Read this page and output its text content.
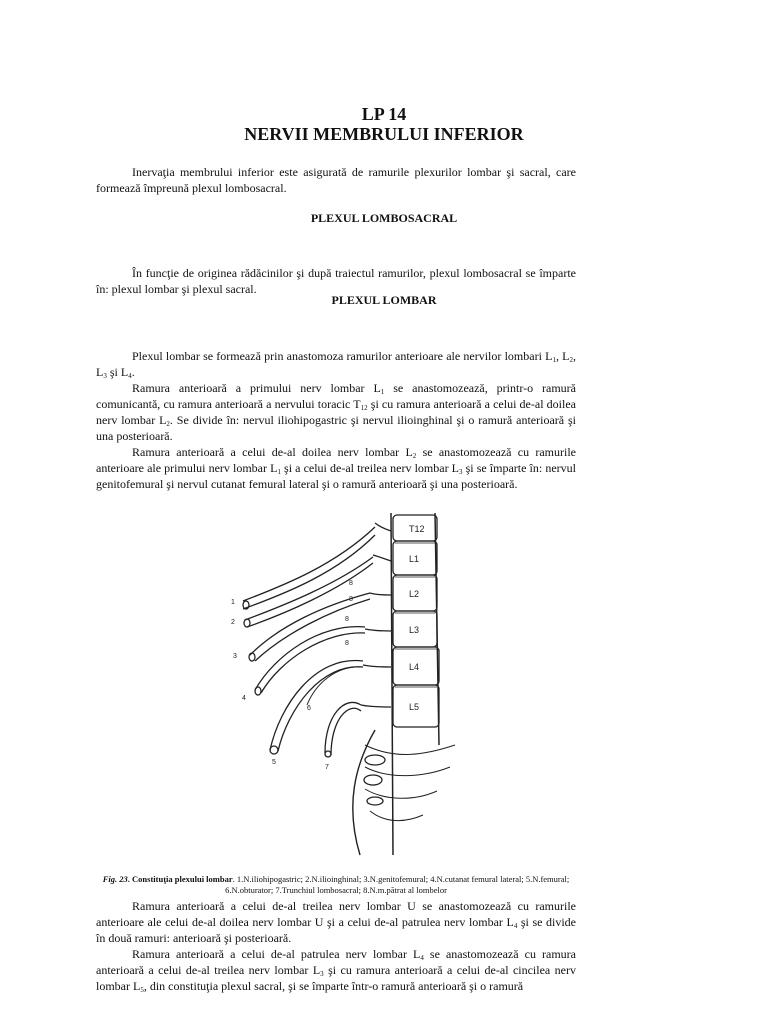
LP 14
NERVII MEMBRULUI INFERIOR

Inervaţia membrului inferior este asigurată de ramurile plexurilor lombar şi sacral, care formează împreună plexul lombosacral.

PLEXUL LOMBOSACRAL

În funcţie de originea rădăcinilor şi după traiectul ramurilor, plexul lombosacral se împarte în: plexul lombar şi plexul sacral.

PLEXUL LOMBAR

Plexul lombar se formează prin anastomoza ramurilor anterioare ale nervilor lombari $L_1$, $L_2$, $L_3$ şi $L_4$.

Ramura anterioară a primului nerv lombar $L_1$ se anastomozează, printr-o ramură comunicantă, cu ramura anterioară a nervului toracic $T_{12}$ şi cu ramura anterioară a celui de-al doilea nerv lombar $L_2$. Se divide în: nervul iliohipogastric şi nervul ilioinghinal şi o ramură anterioară şi una posterioară.

Ramura anterioară a celui de-al doilea nerv lombar $L_2$ se anastomozează cu ramurile anterioare ale primului nerv lombar $L_1$ şi a celui de-al treilea nerv lombar $L_3$ şi se împarte în: nervul genitofemural şi nervul cutanat femural lateral şi o ramură anterioară şi una posterioară.

T12
L1
L2
L3
L4
L5
1
2
3
4
5
6
7
8
8
8
8

Fig. 23. Constituţia plexului lombar. 1.N.iliohipogastric; 2.N.ilioinghinal; 3.N.genitofemural; 4.N.cutanat femural lateral; 5.N.femural; 6.N.obturator; 7.Trunchiul lombosacral; 8.N.m.pătrat al lombelor

Ramura anterioară a celui de-al treilea nerv lombar U se anastomozează cu ramurile anterioare ale celui de-al doilea nerv lombar U şi a celui de-al patrulea nerv lombar $L_4$ şi se divide în două ramuri: anterioară şi posterioară.

Ramura anterioară a celui de-al patrulea nerv lombar $L_4$ se anastomozează cu ramura anterioară a celui de-al treilea nerv lombar $L_3$ şi cu ramura anterioară a celui de-al cincilea nerv lombar $L_5$, din constituţia plexul sacral, şi se împarte într-o ramură anterioară şi o ramură
